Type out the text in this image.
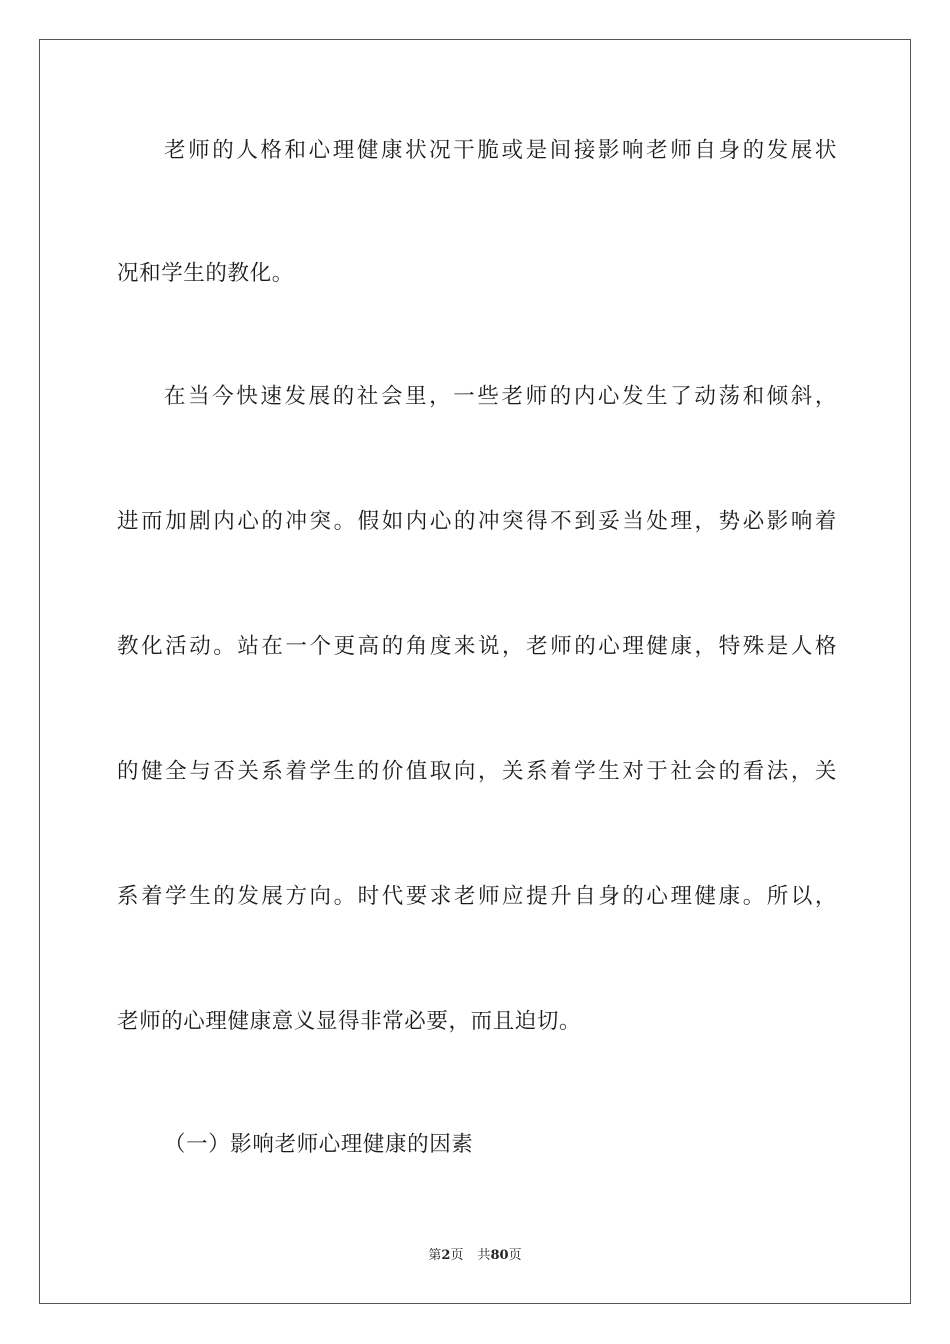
老师的人格和心理健康状况干脆或是间接影响老师自身的发展状
况和学生的教化。
在当今快速发展的社会里，一些老师的内心发生了动荡和倾斜，
进而加剧内心的冲突。假如内心的冲突得不到妥当处理，势必影响着
教化活动。站在一个更高的角度来说，老师的心理健康，特殊是人格
的健全与否关系着学生的价值取向，关系着学生对于社会的看法，关
系着学生的发展方向。时代要求老师应提升自身的心理健康。所以，
老师的心理健康意义显得非常必要，而且迫切。
（一）影响老师心理健康的因素
第2页 共80页
